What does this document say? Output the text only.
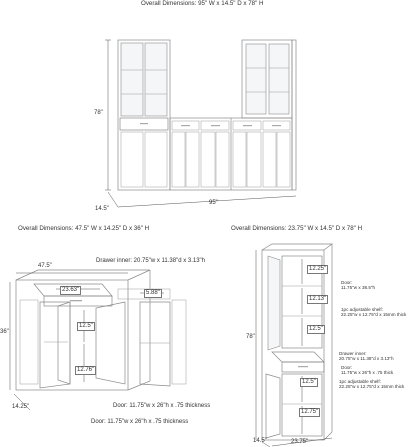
Overall Dimensions: 95" W x 14.5" D x 78" H
78"
14.5"
95"
Overall Dimensions: 47.5" W x 14.25" D x 36" H
47.5"
36"
14.25"
Drawer inner: 20.75"w x 11.38"d x 3.13"h
23.63"	5.88"
12.5"
12.76"
Door: 11.75"w x 26"h x .75 thickness
Door: 11.75"w x 26"h x .75 thickness
Overall Dimensions: 23.75" W x 14.5" D x 78" H
78"
14.5"	23.75"
12.25"
12.13"
12.5"
12.5"
12.75"
Door:
11.75"w x 38.5"h
1pc adjustable shelf:
22.25"w x 12.75"d x 15mm thick
Drawer inner:
20.75"w x 11.38"d x 3.13"h
Door:
11.75"w x 26"h x .75 thick
1pc adjustable shelf:
22.25"w x 12.75"d x 15mm thick
